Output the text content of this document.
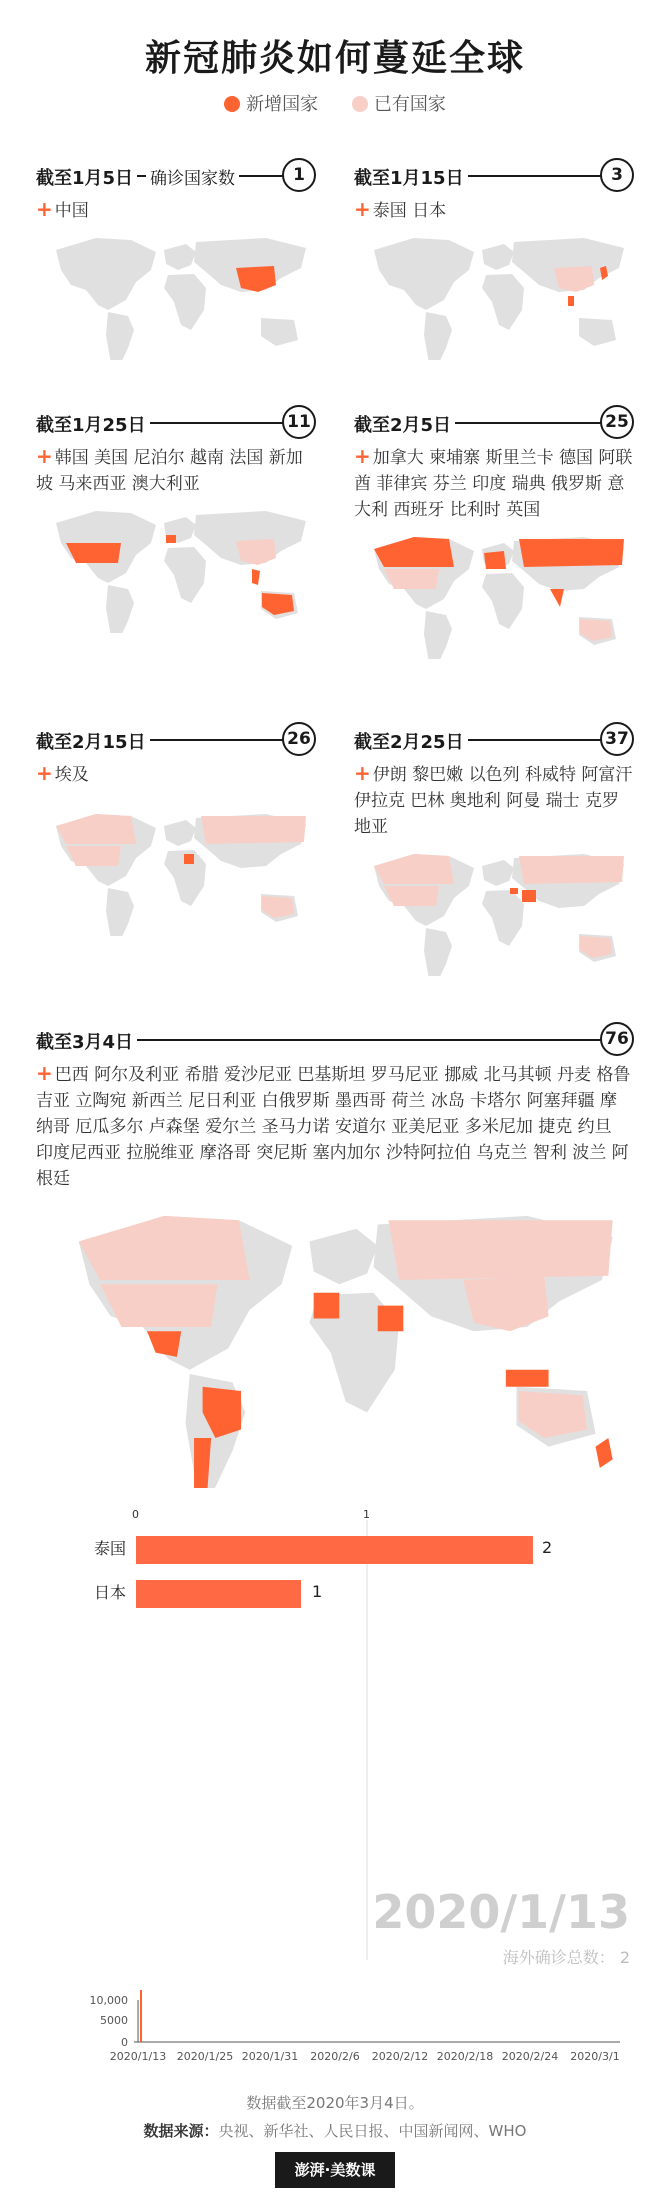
新冠肺炎如何蔓延全球
新增国家	已有国家
截至1月5日 确诊国家数	1
+ 中国
截至1月15日	3
+ 泰国 日本
截至1月25日	11
+ 韩国 美国 尼泊尔 越南 法国 新加坡 马来西亚 澳大利亚
截至2月5日	25
+ 加拿大 柬埔寨 斯里兰卡 德国 阿联酋 菲律宾 芬兰 印度 瑞典 俄罗斯 意大利 西班牙 比利时 英国
截至2月15日	26
+ 埃及
截至2月25日	37
+ 伊朗 黎巴嫩 以色列 科威特 阿富汗 伊拉克 巴林 奥地利 阿曼 瑞士 克罗地亚
截至3月4日	76
+ 巴西 阿尔及利亚 希腊 爱沙尼亚 巴基斯坦 罗马尼亚 挪威 北马其顿 丹麦 格鲁吉亚 立陶宛 新西兰 尼日利亚 白俄罗斯 墨西哥 荷兰 冰岛 卡塔尔 阿塞拜疆 摩纳哥 厄瓜多尔 卢森堡 爱尔兰 圣马力诺 安道尔 亚美尼亚 多米尼加 捷克 约旦 印度尼西亚 拉脱维亚 摩洛哥 突尼斯 塞内加尔 沙特阿拉伯 乌克兰 智利 波兰 阿根廷
0	1
泰国	2
日本	1
2020/1/13
海外确诊总数： 2
10,000
5000
0
2020/1/13 2020/1/25 2020/1/31 2020/2/6 2020/2/12 2020/2/18 2020/2/24 2020/3/1
数据截至2020年3月4日。
数据来源：央视、新华社、人民日报、中国新闻网、WHO
澎湃·美数课
